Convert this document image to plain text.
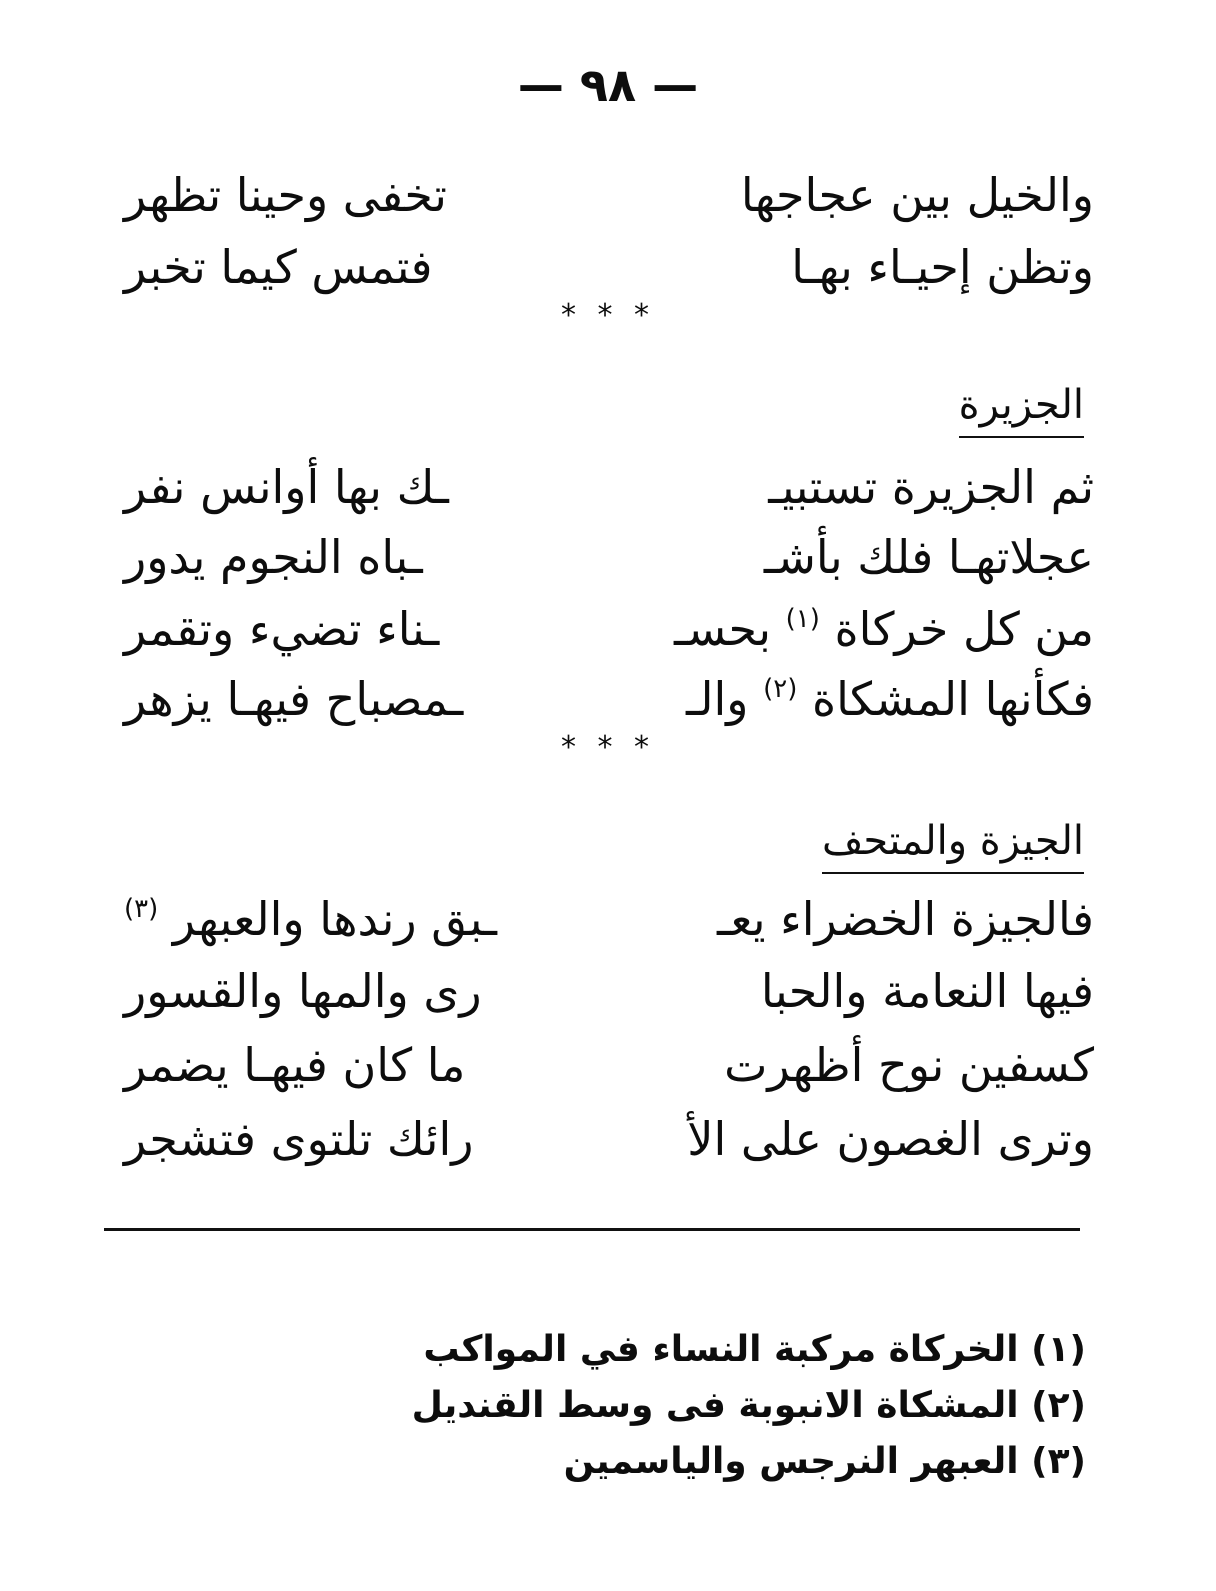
— ٩٨ —
والخيل بين عجاجها
تخفى وحينا تظهر
وتظن إحيـاء بهـا
فتمس كيما تخبر
* * *
الجزيرة
ثم الجزيرة تستبيـ
ـك بها أوانس نفر
عجلاتهـا فلك بأشـ
ـباه النجوم يدور
من كل خركاة $^{(١)}$ بحسـ
ـناء تضيء وتقمر
فكأنها المشكاة $^{(٢)}$ والـ
ـمصباح فيهـا يزهر
* * *
الجيزة والمتحف
فالجيزة الخضراء يعـ
ـبق رندها والعبهر $^{(٣)}$
فيها النعامة والحبا
رى والمها والقسور
كسفين نوح أظهرت
ما كان فيهـا يضمر
وترى الغصون على الأ
رائك تلتوى فتشجر
(١) الخركاة مركبة النساء في المواكب
(٢) المشكاة الانبوبة فى وسط القنديل
(٣) العبهر النرجس والياسمين
